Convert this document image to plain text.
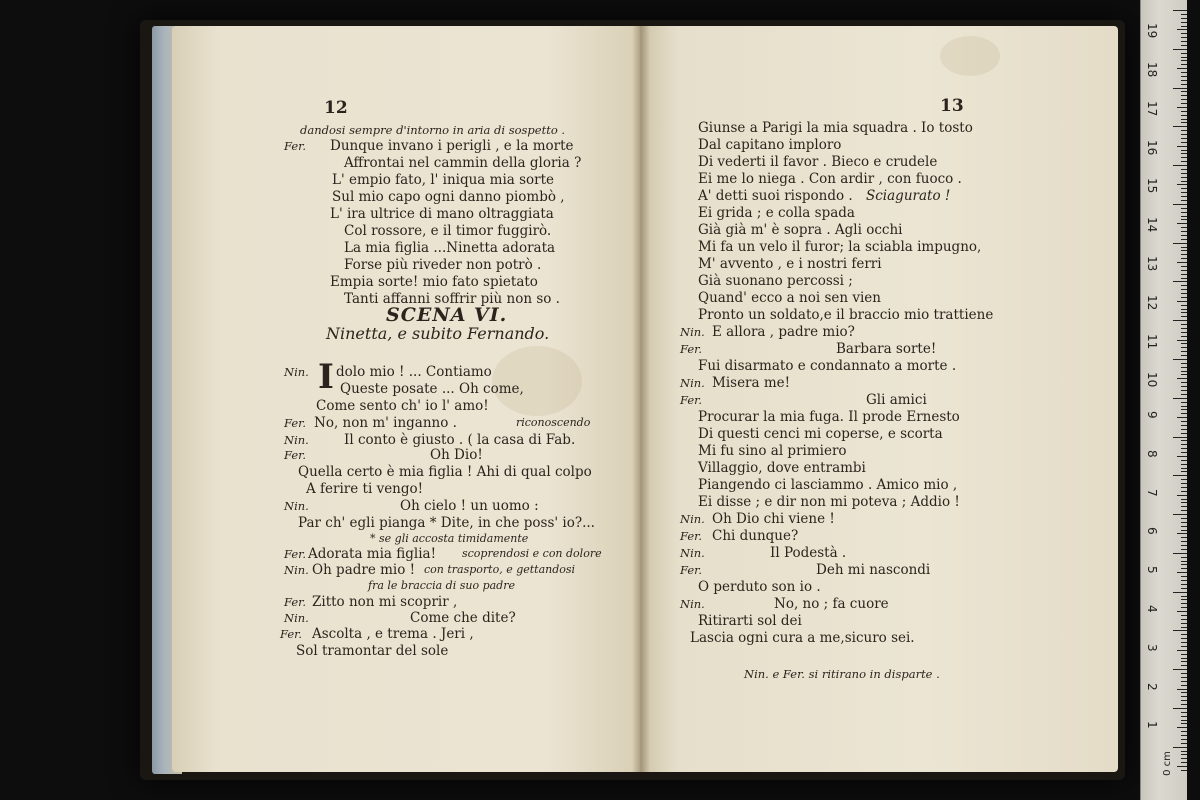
12
SCENA VI.
Ninetta, e subito Fernando.
I
dandosi sempre d'intorno in aria di sospetto .
Fer. Dunque invano i perigli , e la morte
Affrontai nel cammin della gloria ?
L' empio fato, l' iniqua mia sorte
Sul mio capo ogni danno piombò ,
L' ira ultrice di mano oltraggiata
Col rossore, e il timor fuggirò.
La mia figlia ...Ninetta adorata
Forse più riveder non potrò .
Empia sorte! mio fato spietato
Tanti affanni soffrir più non so .
Nin. dolo mio ! ... Contiamo
Queste posate ... Oh come,
Come sento ch' io l' amo!
Fer. No, non m' inganno .	riconoscendo
Nin.	Il conto è giusto . ( la casa di Fab.
Fer.	Oh Dio!
Quella certo è mia figlia ! Ahi di qual colpo
A ferire ti vengo!
Nin.	Oh cielo ! un uomo :
Par ch' egli pianga * Dite, in che poss' io?...
* se gli accosta timidamente
Fer. Adorata mia figlia! scoprendosi e con dolore
Nin. Oh padre mio ! con trasporto, e gettandosi
fra le braccia di suo padre
Fer. Zitto non mi scoprir ,
Nin.	Come che dite?
Fer. Ascolta , e trema . Jeri ,
Sol tramontar del sole
13
Giunse a Parigi la mia squadra . Io tosto
Dal capitano imploro
Di vederti il favor . Bieco e crudele
Ei me lo niega . Con ardir , con fuoco .
A' detti suoi rispondo . Sciagurato !
Ei grida ; e colla spada
Già già m' è sopra . Agli occhi
Mi fa un velo il furor; la sciabla impugno,
M' avvento , e i nostri ferri
Già suonano percossi ;
Quand' ecco a noi sen vien
Pronto un soldato,e il braccio mio trattiene
Nin. E allora , padre mio?
Fer.	Barbara sorte!
Fui disarmato e condannato a morte .
Nin. Misera me!
Fer.	Gli amici
Procurar la mia fuga. Il prode Ernesto
Di questi cenci mi coperse, e scorta
Mi fu sino al primiero
Villaggio, dove entrambi
Piangendo ci lasciammo . Amico mio ,
Ei disse ; e dir non mi poteva ; Addio !
Nin. Oh Dio chi viene !
Fer. Chi dunque?
Nin.	Il Podestà .
Fer.	Deh mi nascondi
O perduto son io .
Nin.	No, no ; fa cuore
Ritirarti sol dei
Lascia ogni cura a me,sicuro sei.
Nin. e Fer. si ritirano in disparte .
0 cm
19
18
17
16
15
14
13
12
11
10
9
8
7
6
5
4
3
2
1
